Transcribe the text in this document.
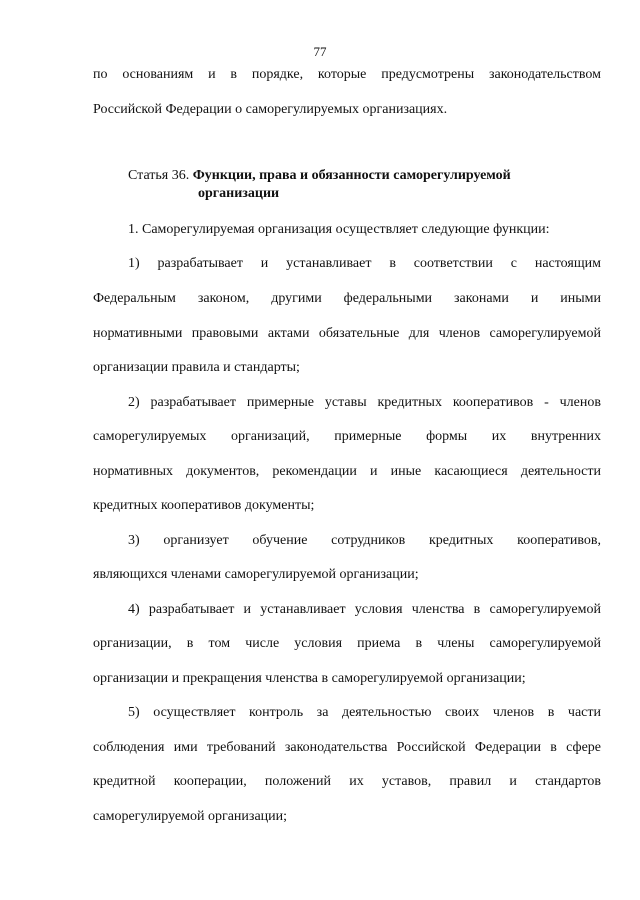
77
по основаниям и в порядке, которые предусмотрены законодательством
Российской Федерации о саморегулируемых организациях.
Статья 36. Функции, права и обязанности саморегулируемой
организации
1. Саморегулируемая организация осуществляет следующие функции:
1) разрабатывает и устанавливает в соответствии с настоящим
Федеральным законом, другими федеральными законами и иными
нормативными правовыми актами обязательные для членов саморегулируемой
организации правила и стандарты;
2) разрабатывает примерные уставы кредитных кооперативов - членов
саморегулируемых организаций, примерные формы их внутренних
нормативных документов, рекомендации и иные касающиеся деятельности
кредитных кооперативов документы;
3) организует обучение сотрудников кредитных кооперативов,
являющихся членами саморегулируемой организации;
4) разрабатывает и устанавливает условия членства в саморегулируемой
организации, в том числе условия приема в члены саморегулируемой
организации и прекращения членства в саморегулируемой организации;
5) осуществляет контроль за деятельностью своих членов в части
соблюдения ими требований законодательства Российской Федерации в сфере
кредитной кооперации, положений их уставов, правил и стандартов
саморегулируемой организации;
